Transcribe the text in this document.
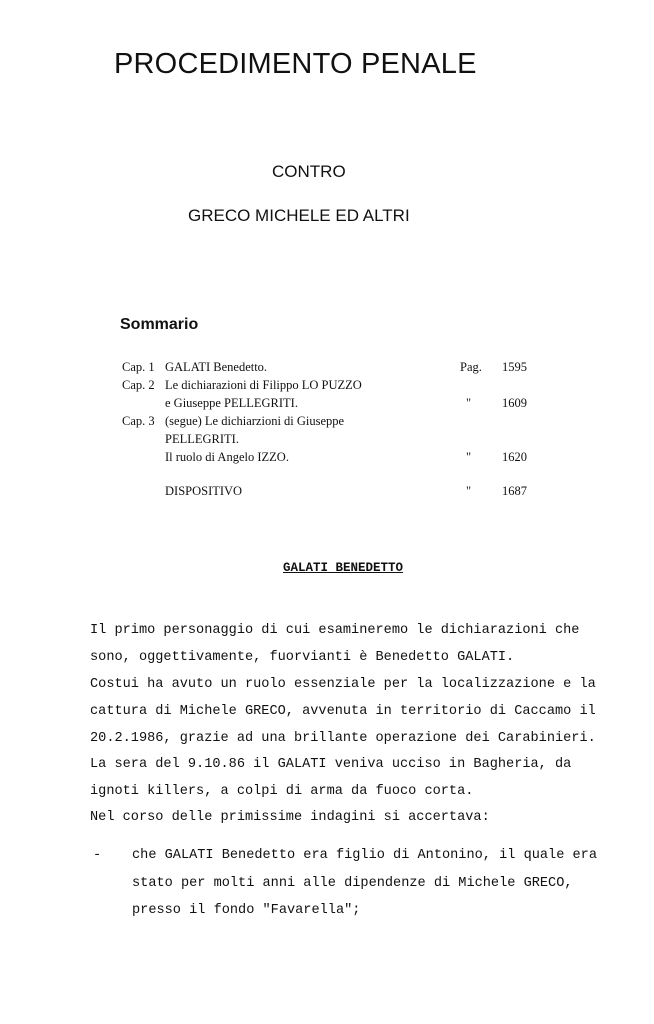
PROCEDIMENTO PENALE
CONTRO
GRECO MICHELE ED ALTRI
Sommario
Cap. 1 GALATI Benedetto.	Pag. 1595
Cap. 2 Le dichiarazioni di Filippo LO PUZZO
e Giuseppe PELLEGRITI.	" 1609
Cap. 3 (segue) Le dichiarzioni di Giuseppe
PELLEGRITI.
Il ruolo di Angelo IZZO.	" 1620
DISPOSITIVO	" 1687
GALATI BENEDETTO
Il primo personaggio di cui esamineremo le dichiarazioni che
sono, oggettivamente, fuorvianti è Benedetto GALATI.
Costui ha avuto un ruolo essenziale per la localizzazione e la
cattura di Michele GRECO, avvenuta in territorio di Caccamo il
20.2.1986, grazie ad una brillante operazione dei Carabinieri.
La sera del 9.10.86 il GALATI veniva ucciso in Bagheria, da
ignoti killers, a colpi di arma da fuoco corta.
Nel corso delle primissime indagini si accertava:
- che GALATI Benedetto era figlio di Antonino, il quale era
stato per molti anni alle dipendenze di Michele GRECO,
presso il fondo "Favarella";
